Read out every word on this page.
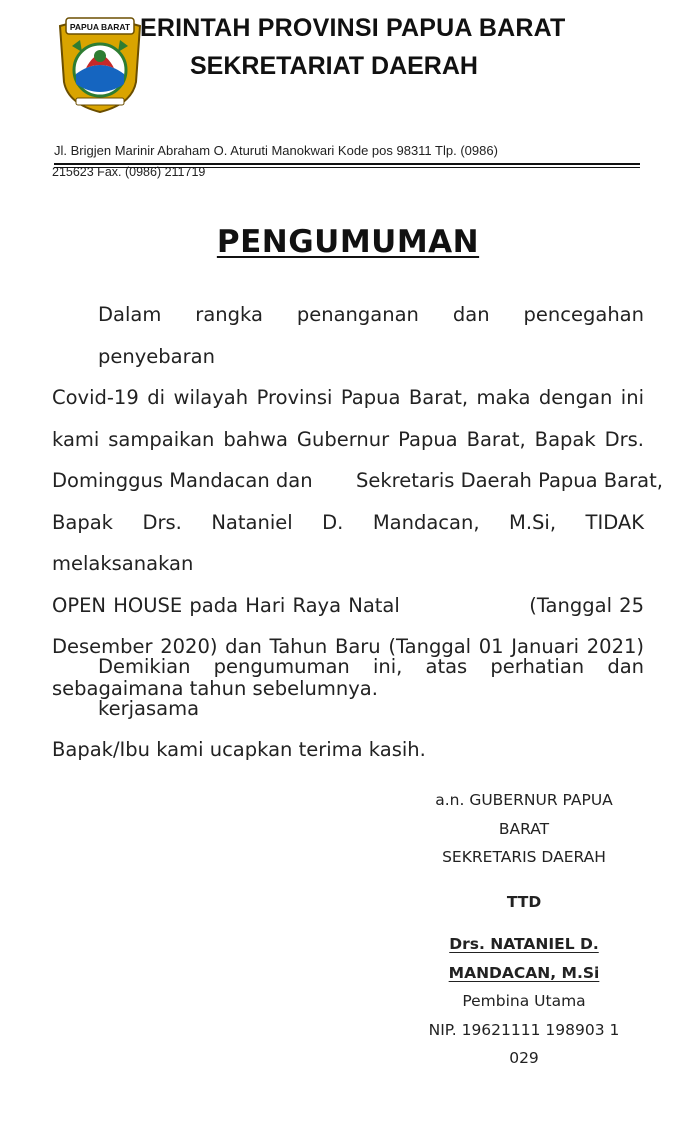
PAPUA BARAT ERINTAH PROVINSI PAPUA BARAT
SEKRETARIAT DAERAH
Jl. Brigjen Marinir Abraham O. Aturuti Manokwari Kode pos 98311 Tlp. (0986)
215623 Fax. (0986) 211719
PENGUMUMAN
Dalam rangka penanganan dan pencegahan penyebaran
Covid-19 di wilayah Provinsi Papua Barat, maka dengan ini
kami sampaikan bahwa Gubernur Papua Barat, Bapak Drs.
Dominggus Mandacan dan       Sekretaris Daerah Papua Barat,
Bapak Drs. Nataniel D. Mandacan, M.Si, TIDAK melaksanakan
OPEN HOUSE pada Hari Raya Natal                  (Tanggal 25
Desember 2020) dan Tahun Baru (Tanggal 01 Januari 2021)
sebagaimana tahun sebelumnya.
Demikian pengumuman ini, atas perhatian dan kerjasama
Bapak/Ibu kami ucapkan terima kasih.
a.n. GUBERNUR PAPUA
BARAT
SEKRETARIS DAERAH
TTD
Drs. NATANIEL D.
MANDACAN, M.Si
Pembina Utama
NIP. 19621111 198903 1
029
